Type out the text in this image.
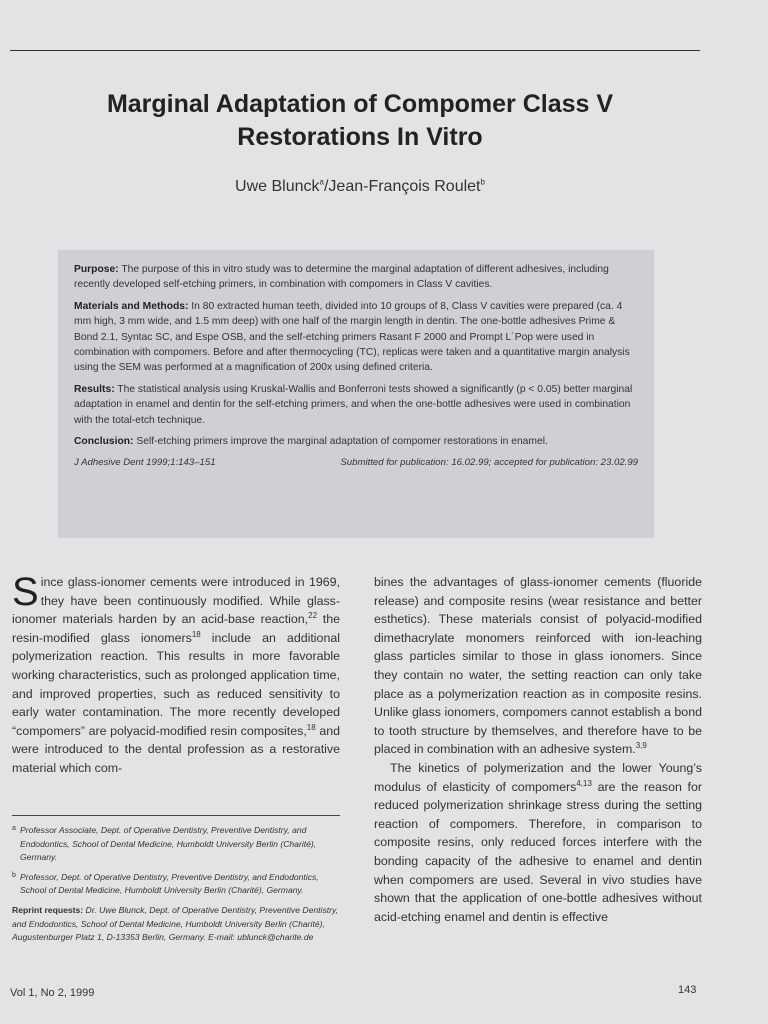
Marginal Adaptation of Compomer Class V
Restorations In Vitro
Uwe Blunck$^a$/Jean-François Roulet$^b$

Purpose: The purpose of this in vitro study was to determine the marginal adaptation of different adhesives, including recently developed self-etching primers, in combination with compomers in Class V cavities.

Materials and Methods: In 80 extracted human teeth, divided into 10 groups of 8, Class V cavities were prepared (ca. 4 mm high, 3 mm wide, and 1.5 mm deep) with one half of the margin length in dentin. The one-bottle adhesives Prime & Bond 2.1, Syntac SC, and Espe OSB, and the self-etching primers Rasant F 2000 and Prompt L´Pop were used in combination with compomers. Before and after thermocycling (TC), replicas were taken and a quantitative margin analysis using the SEM was performed at a magnification of 200x using defined criteria.

Results: The statistical analysis using Kruskal-Wallis and Bonferroni tests showed a significantly (p < 0.05) better marginal adaptation in enamel and dentin for the self-etching primers, and when the one-bottle adhesives were used in combination with the total-etch technique.

Conclusion: Self-etching primers improve the marginal adaptation of compomer restorations in enamel.

J Adhesive Dent 1999;1:143–151	Submitted for publication: 16.02.99; accepted for publication: 23.02.99

Since glass-ionomer cements were introduced in 1969, they have been continuously modified. While glass-ionomer materials harden by an acid-base reaction,$^{22}$ the resin-modified glass ionomers$^{18}$ include an additional polymerization reaction. This results in more favorable working characteristics, such as prolonged application time, and improved properties, such as reduced sensitivity to early water contamination. The more recently developed “compomers” are polyacid-modified resin composites,$^{18}$ and were introduced to the dental profession as a restorative material which com-

bines the advantages of glass-ionomer cements (fluoride release) and composite resins (wear resistance and better esthetics). These materials consist of polyacid-modified dimethacrylate monomers reinforced with ion-leaching glass particles similar to those in glass ionomers. Since they contain no water, the setting reaction can only take place as a polymerization reaction as in composite resins. Unlike glass ionomers, compomers cannot establish a bond to tooth structure by themselves, and therefore have to be placed in combination with an adhesive system.$^{3,9}$

The kinetics of polymerization and the lower Young’s modulus of elasticity of compomers$^{4,13}$ are the reason for reduced polymerization shrinkage stress during the setting reaction of compomers. Therefore, in comparison to composite resins, only reduced forces interfere with the bonding capacity of the adhesive to enamel and dentin when compomers are used. Several in vivo studies have shown that the application of one-bottle adhesives without acid-etching enamel and dentin is effective

a Professor Associate, Dept. of Operative Dentistry, Preventive Dentistry, and Endodontics, School of Dental Medicine, Humboldt University Berlin (Charité), Germany.
b Professor, Dept. of Operative Dentistry, Preventive Dentistry, and Endodontics, School of Dental Medicine, Humboldt University Berlin (Charité), Germany.
Reprint requests: Dr. Uwe Blunck, Dept. of Operative Dentistry, Preventive Dentistry, and Endodontics, School of Dental Medicine, Humboldt University Berlin (Charité), Augustenburger Platz 1, D-13353 Berlin, Germany. E-mail: ublunck@charite.de
Vol 1, No 2, 1999	143
